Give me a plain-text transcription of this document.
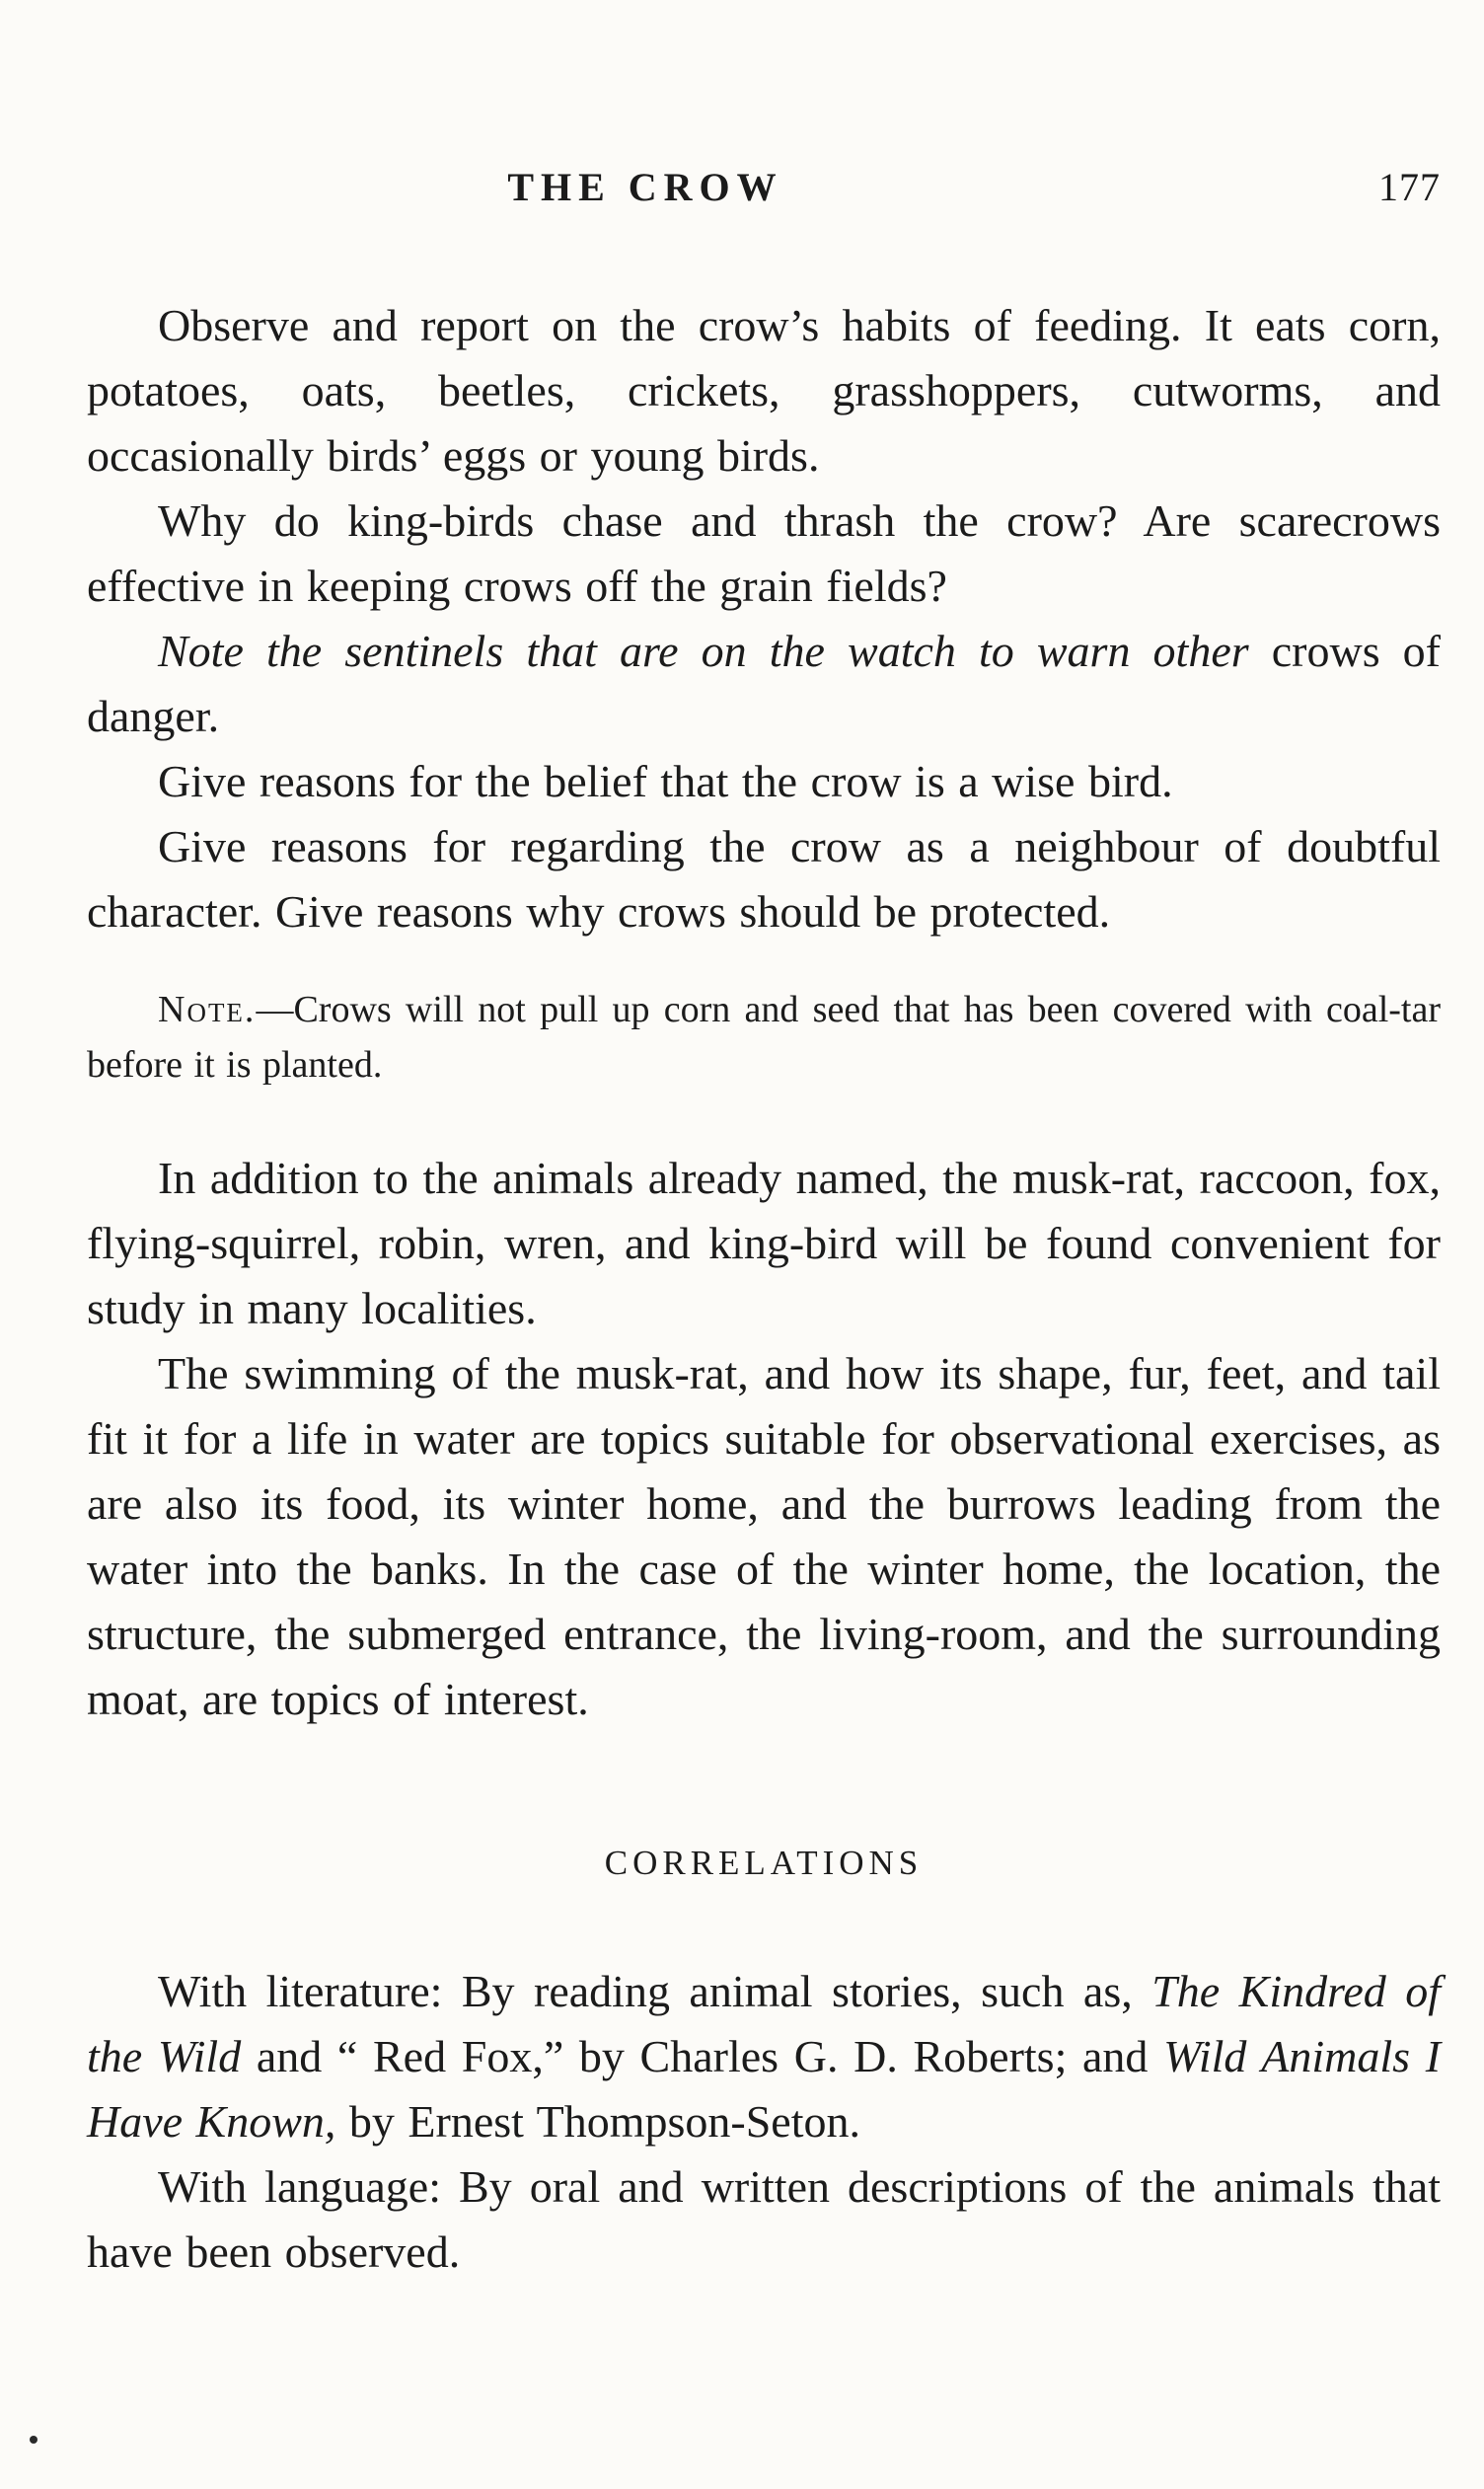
THE CROW	177

Observe and report on the crow’s habits of feeding. It eats corn, potatoes, oats, beetles, crickets, grasshoppers, cutworms, and occasionally birds’ eggs or young birds.

Why do king-birds chase and thrash the crow? Are scarecrows effective in keeping crows off the grain fields?

Note the sentinels that are on the watch to warn other crows of danger.

Give reasons for the belief that the crow is a wise bird.

Give reasons for regarding the crow as a neighbour of doubtful character. Give reasons why crows should be protected.

Note.—Crows will not pull up corn and seed that has been covered with coal-tar before it is planted.

In addition to the animals already named, the musk-rat, raccoon, fox, flying-squirrel, robin, wren, and king-bird will be found convenient for study in many localities.

The swimming of the musk-rat, and how its shape, fur, feet, and tail fit it for a life in water are topics suitable for observational exercises, as are also its food, its winter home, and the burrows leading from the water into the banks. In the case of the winter home, the location, the structure, the submerged entrance, the living-room, and the surrounding moat, are topics of interest.

CORRELATIONS

With literature: By reading animal stories, such as, The Kindred of the Wild and “ Red Fox,” by Charles G. D. Roberts; and Wild Animals I Have Known, by Ernest Thompson-Seton.

With language: By oral and written descriptions of the animals that have been observed.
